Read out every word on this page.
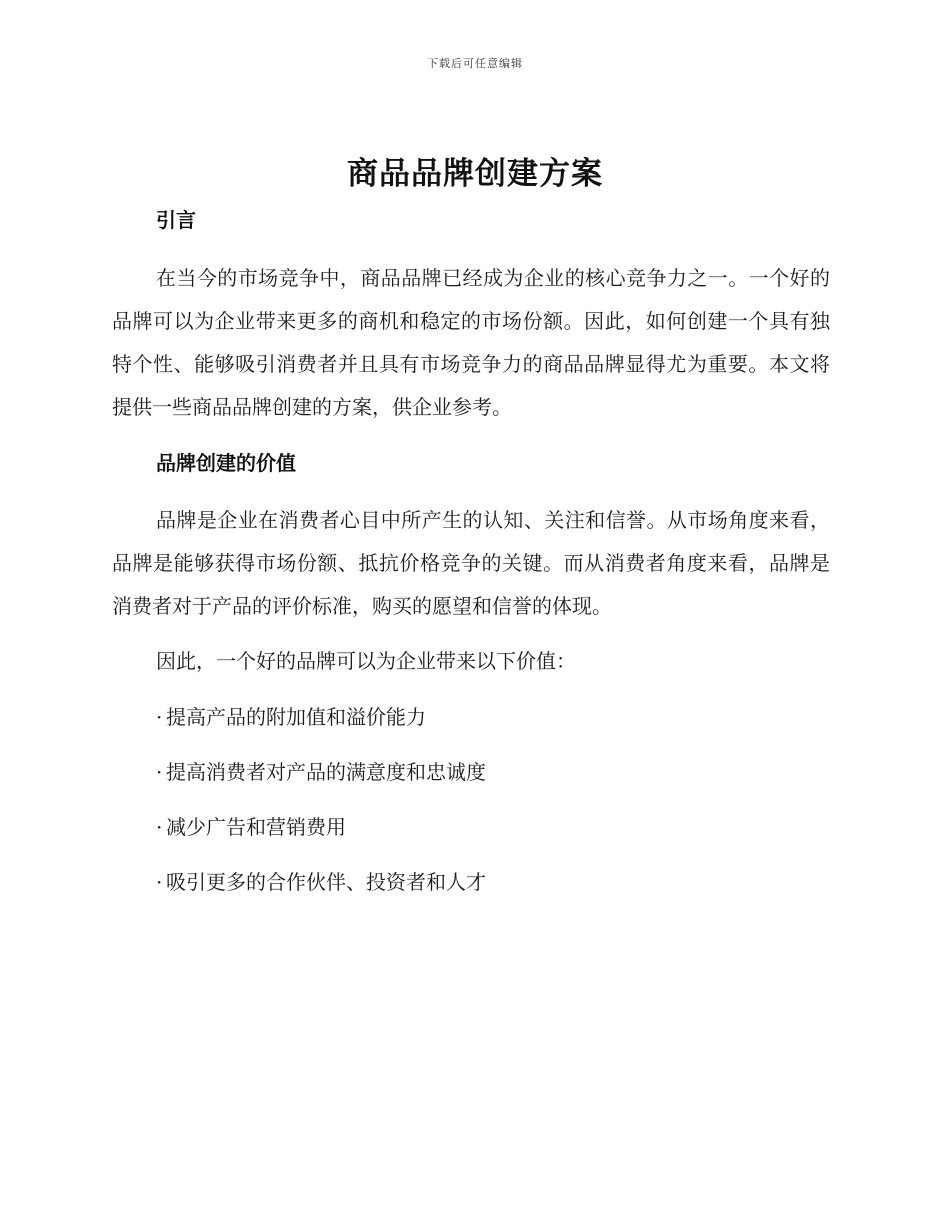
下载后可任意编辑
商品品牌创建方案
引言

在当今的市场竞争中，商品品牌已经成为企业的核心竞争力之一。一个好的品牌可以为企业带来更多的商机和稳定的市场份额。因此，如何创建一个具有独特个性、能够吸引消费者并且具有市场竞争力的商品品牌显得尤为重要。本文将提供一些商品品牌创建的方案，供企业参考。

品牌创建的价值

品牌是企业在消费者心目中所产生的认知、关注和信誉。从市场角度来看，品牌是能够获得市场份额、抵抗价格竞争的关键。而从消费者角度来看，品牌是消费者对于产品的评价标准，购买的愿望和信誉的体现。

因此，一个好的品牌可以为企业带来以下价值：

· 提高产品的附加值和溢价能力

· 提高消费者对产品的满意度和忠诚度

· 减少广告和营销费用

· 吸引更多的合作伙伴、投资者和人才
